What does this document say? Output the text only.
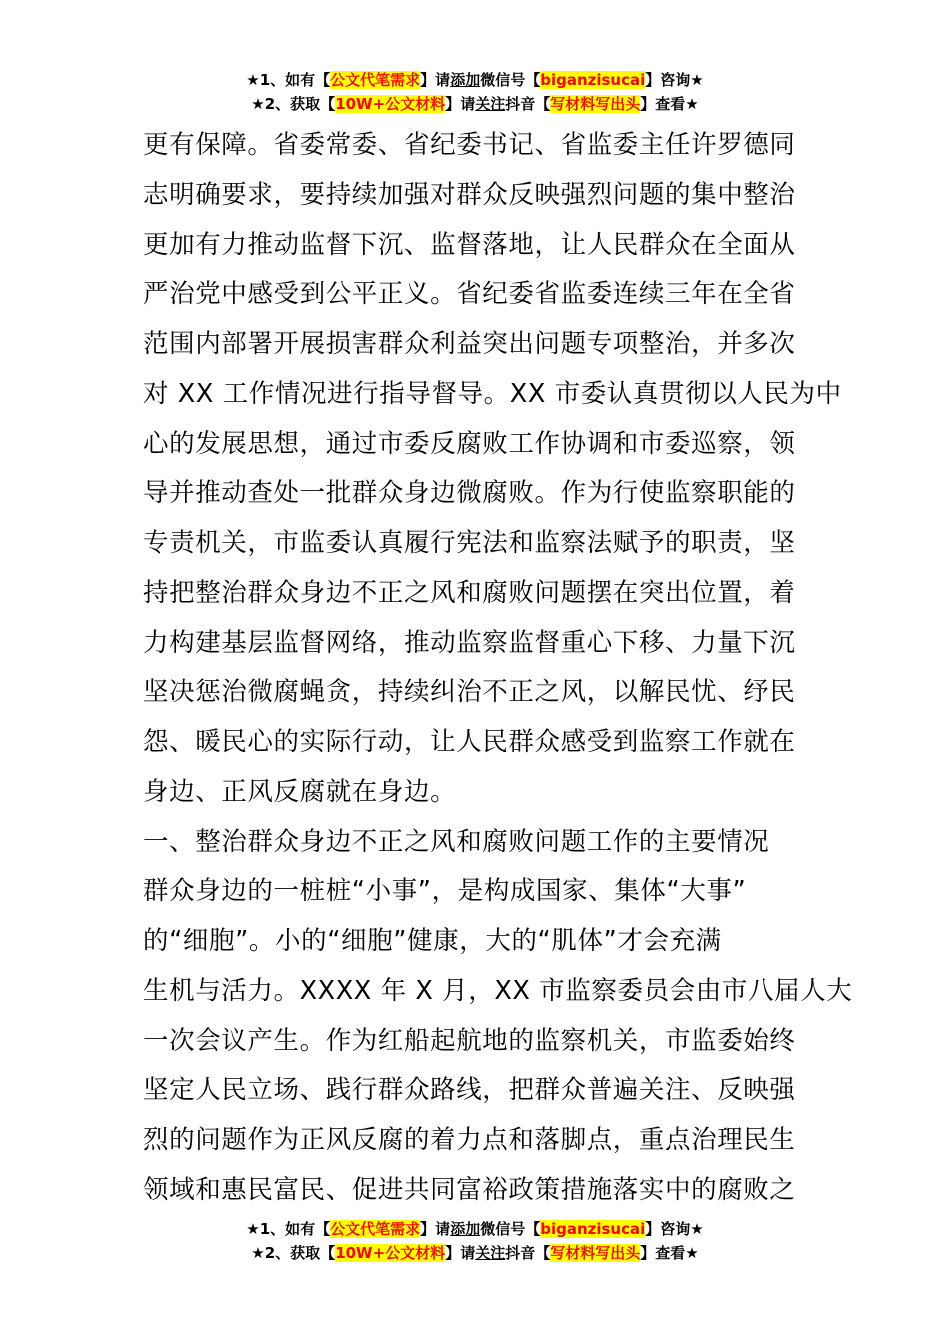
★1、如有【公文代笔需求】请添加微信号【biganzisucai】咨询★
★2、获取【10W+公文材料】请关注抖音【写材料写出头】查看★
更有保障。省委常委、省纪委书记、省监委主任许罗德同
志明确要求，要持续加强对群众反映强烈问题的集中整治
更加有力推动监督下沉、监督落地，让人民群众在全面从
严治党中感受到公平正义。省纪委省监委连续三年在全省
范围内部署开展损害群众利益突出问题专项整治，并多次
对 XX 工作情况进行指导督导。XX 市委认真贯彻以人民为中
心的发展思想，通过市委反腐败工作协调和市委巡察，领
导并推动查处一批群众身边微腐败。作为行使监察职能的
专责机关，市监委认真履行宪法和监察法赋予的职责，坚
持把整治群众身边不正之风和腐败问题摆在突出位置，着
力构建基层监督网络，推动监察监督重心下移、力量下沉
坚决惩治微腐蝇贪，持续纠治不正之风，以解民忧、纾民
怨、暖民心的实际行动，让人民群众感受到监察工作就在
身边、正风反腐就在身边。
一、整治群众身边不正之风和腐败问题工作的主要情况
群众身边的一桩桩“小事”，是构成国家、集体“大事”
的“细胞”。小的“细胞”健康，大的“肌体”才会充满
生机与活力。XXXX 年 X 月，XX 市监察委员会由市八届人大
一次会议产生。作为红船起航地的监察机关，市监委始终
坚定人民立场、践行群众路线，把群众普遍关注、反映强
烈的问题作为正风反腐的着力点和落脚点，重点治理民生
领域和惠民富民、促进共同富裕政策措施落实中的腐败之
★1、如有【公文代笔需求】请添加微信号【biganzisucai】咨询★
★2、获取【10W+公文材料】请关注抖音【写材料写出头】查看★
